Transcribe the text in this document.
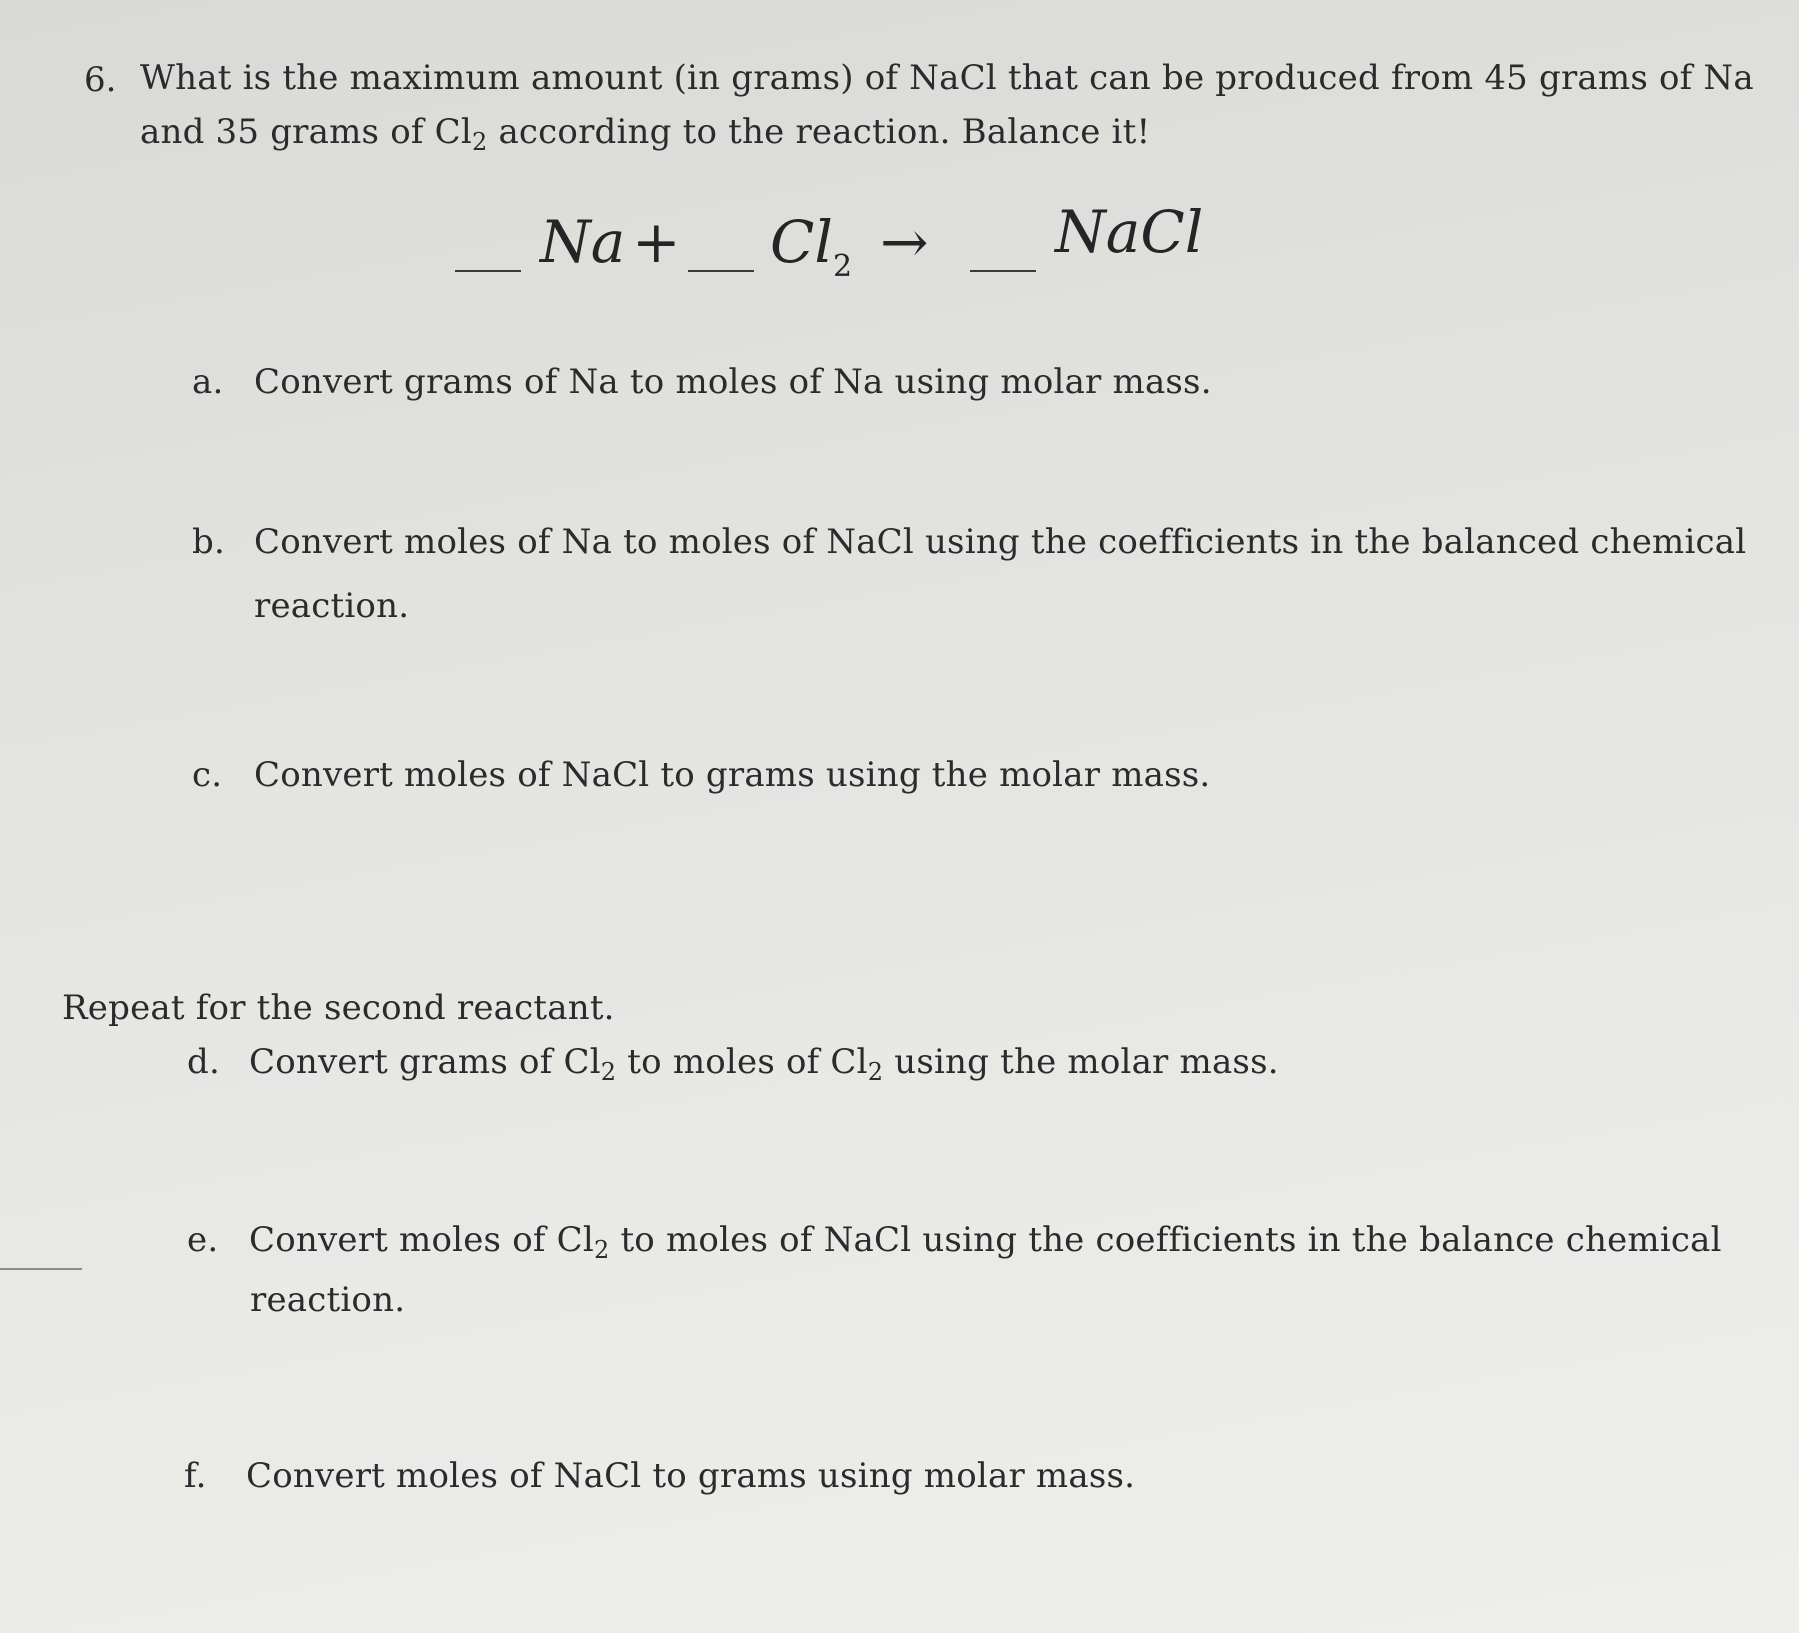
6. What is the maximum amount (in grams) of NaCl that can be produced from 45 grams of Na
and 35 grams of $Cl_2$ according to the reaction. Balance it!
$Na + Cl_2$ → NaCl
a. Convert grams of Na to moles of Na using molar mass.
b. Convert moles of Na to moles of NaCl using the coefficients in the balanced chemical
reaction.
c. Convert moles of NaCl to grams using the molar mass.
Repeat for the second reactant.
d. Convert grams of $Cl_2$ to moles of $Cl_2$ using the molar mass.
e. Convert moles of $Cl_2$ to moles of NaCl using the coefficients in the balance chemical
reaction.
f. Convert moles of NaCl to grams using molar mass.
